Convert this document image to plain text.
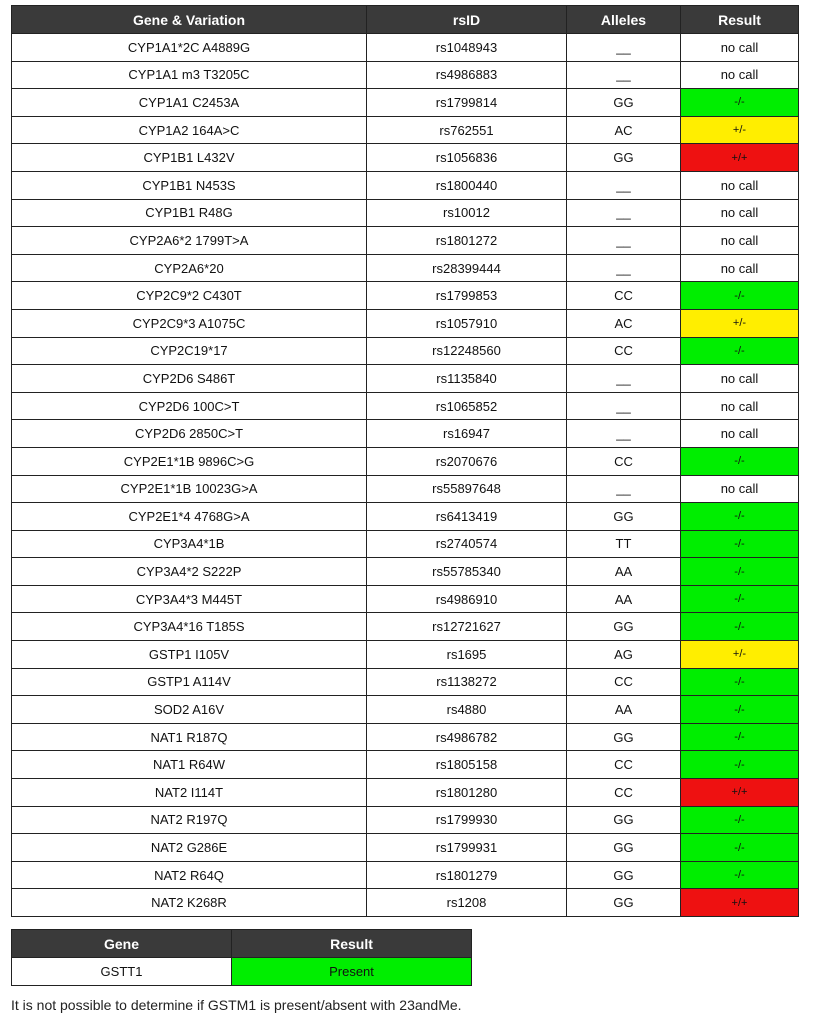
Gene & Variation	rsID	Alleles	Result
CYP1A1*2C A4889G	rs1048943	__	no call
CYP1A1 m3 T3205C	rs4986883	__	no call
CYP1A1 C2453A	rs1799814	GG	-/-
CYP1A2 164A>C	rs762551	AC	+/-
CYP1B1 L432V	rs1056836	GG	+/+
CYP1B1 N453S	rs1800440	__	no call
CYP1B1 R48G	rs10012	__	no call
CYP2A6*2 1799T>A	rs1801272	__	no call
CYP2A6*20	rs28399444	__	no call
CYP2C9*2 C430T	rs1799853	CC	-/-
CYP2C9*3 A1075C	rs1057910	AC	+/-
CYP2C19*17	rs12248560	CC	-/-
CYP2D6 S486T	rs1135840	__	no call
CYP2D6 100C>T	rs1065852	__	no call
CYP2D6 2850C>T	rs16947	__	no call
CYP2E1*1B 9896C>G	rs2070676	CC	-/-
CYP2E1*1B 10023G>A	rs55897648	__	no call
CYP2E1*4 4768G>A	rs6413419	GG	-/-
CYP3A4*1B	rs2740574	TT	-/-
CYP3A4*2 S222P	rs55785340	AA	-/-
CYP3A4*3 M445T	rs4986910	AA	-/-
CYP3A4*16 T185S	rs12721627	GG	-/-
GSTP1 I105V	rs1695	AG	+/-
GSTP1 A114V	rs1138272	CC	-/-
SOD2 A16V	rs4880	AA	-/-
NAT1 R187Q	rs4986782	GG	-/-
NAT1 R64W	rs1805158	CC	-/-
NAT2 I114T	rs1801280	CC	+/+
NAT2 R197Q	rs1799930	GG	-/-
NAT2 G286E	rs1799931	GG	-/-
NAT2 R64Q	rs1801279	GG	-/-
NAT2 K268R	rs1208	GG	+/+
Gene	Result
GSTT1	Present
It is not possible to determine if GSTM1 is present/absent with 23andMe.
